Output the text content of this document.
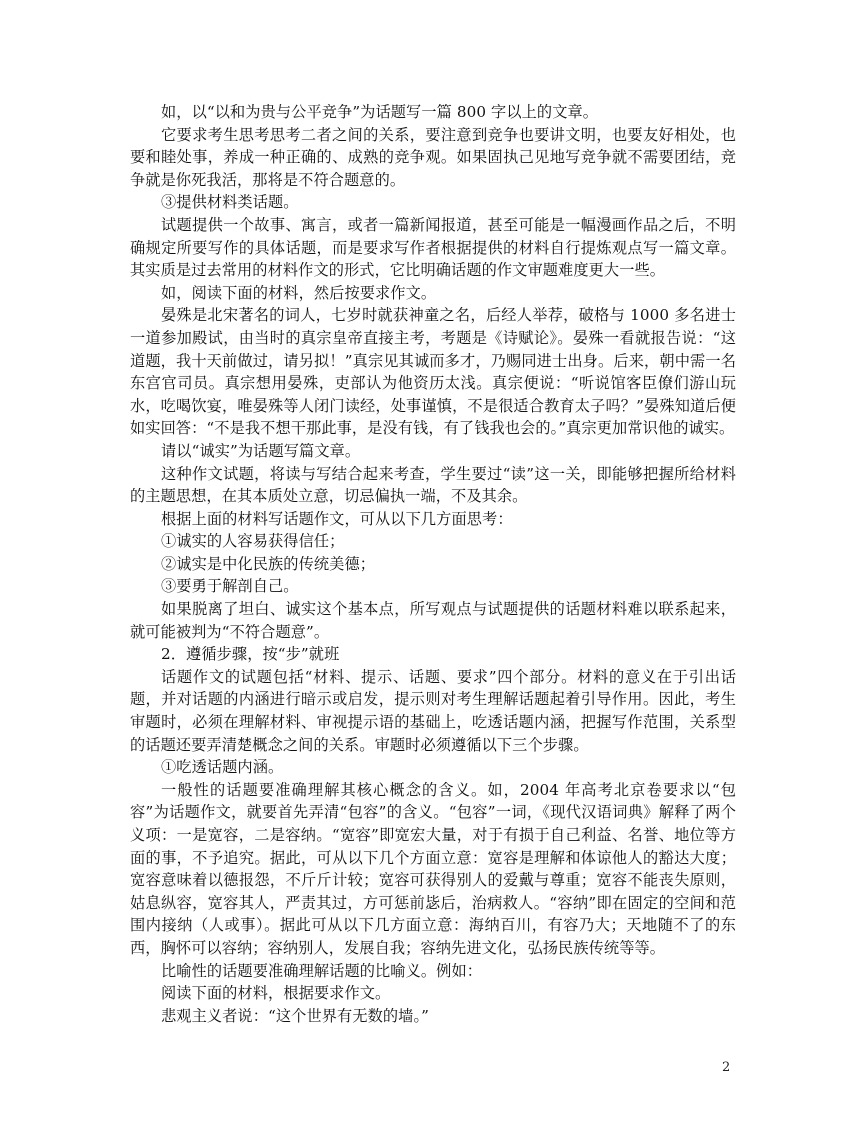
如，以“以和为贵与公平竞争”为话题写一篇 800 字以上的文章。

它要求考生思考思考二者之间的关系，要注意到竞争也要讲文明，也要友好相处，也要和睦处事，养成一种正确的、成熟的竞争观。如果固执己见地写竞争就不需要团结，竞争就是你死我活，那将是不符合题意的。

③提供材料类话题。

试题提供一个故事、寓言，或者一篇新闻报道，甚至可能是一幅漫画作品之后，不明确规定所要写作的具体话题，而是要求写作者根据提供的材料自行提炼观点写一篇文章。其实质是过去常用的材料作文的形式，它比明确话题的作文审题难度更大一些。

如，阅读下面的材料，然后按要求作文。

晏殊是北宋著名的词人，七岁时就获神童之名，后经人举荐，破格与 1000 多名进士一道参加殿试，由当时的真宗皇帝直接主考，考题是《诗赋论》。晏殊一看就报告说：“这道题，我十天前做过，请另拟！”真宗见其诚而多才，乃赐同进士出身。后来，朝中需一名东宫官司员。真宗想用晏殊，吏部认为他资历太浅。真宗便说：“听说馆客臣僚们游山玩水，吃喝饮宴，唯晏殊等人闭门读经，处事谨慎，不是很适合教育太子吗？”晏殊知道后便如实回答：“不是我不想干那此事，是没有钱，有了钱我也会的。”真宗更加常识他的诚实。

请以“诚实”为话题写篇文章。

这种作文试题，将读与写结合起来考查，学生要过“读”这一关，即能够把握所给材料的主题思想，在其本质处立意，切忌偏执一端，不及其余。

根据上面的材料写话题作文，可从以下几方面思考：

①诚实的人容易获得信任；

②诚实是中化民族的传统美德；

③要勇于解剖自己。

如果脱离了坦白、诚实这个基本点，所写观点与试题提供的话题材料难以联系起来，就可能被判为“不符合题意”。

2．遵循步骤，按“步”就班

话题作文的试题包括“材料、提示、话题、要求”四个部分。材料的意义在于引出话题，并对话题的内涵进行暗示或启发，提示则对考生理解话题起着引导作用。因此，考生审题时，必须在理解材料、审视提示语的基础上，吃透话题内涵，把握写作范围，关系型的话题还要弄清楚概念之间的关系。审题时必须遵循以下三个步骤。

①吃透话题内涵。

一般性的话题要准确理解其核心概念的含义。如，2004 年高考北京卷要求以“包容”为话题作文，就要首先弄清“包容”的含义。“包容”一词，《现代汉语词典》解释了两个义项：一是宽容，二是容纳。“宽容”即宽宏大量，对于有损于自己利益、名誉、地位等方面的事，不予追究。据此，可从以下几个方面立意：宽容是理解和体谅他人的豁达大度；宽容意味着以德报怨，不斤斤计较；宽容可获得别人的爱戴与尊重；宽容不能丧失原则，姑息纵容，宽容其人，严责其过，方可惩前毖后，治病救人。“容纳”即在固定的空间和范围内接纳（人或事）。据此可从以下几方面立意：海纳百川，有容乃大；天地随不了的东西，胸怀可以容纳；容纳别人，发展自我；容纳先进文化，弘扬民族传统等等。

比喻性的话题要准确理解话题的比喻义。例如：

阅读下面的材料，根据要求作文。

悲观主义者说：“这个世界有无数的墙。”

2
